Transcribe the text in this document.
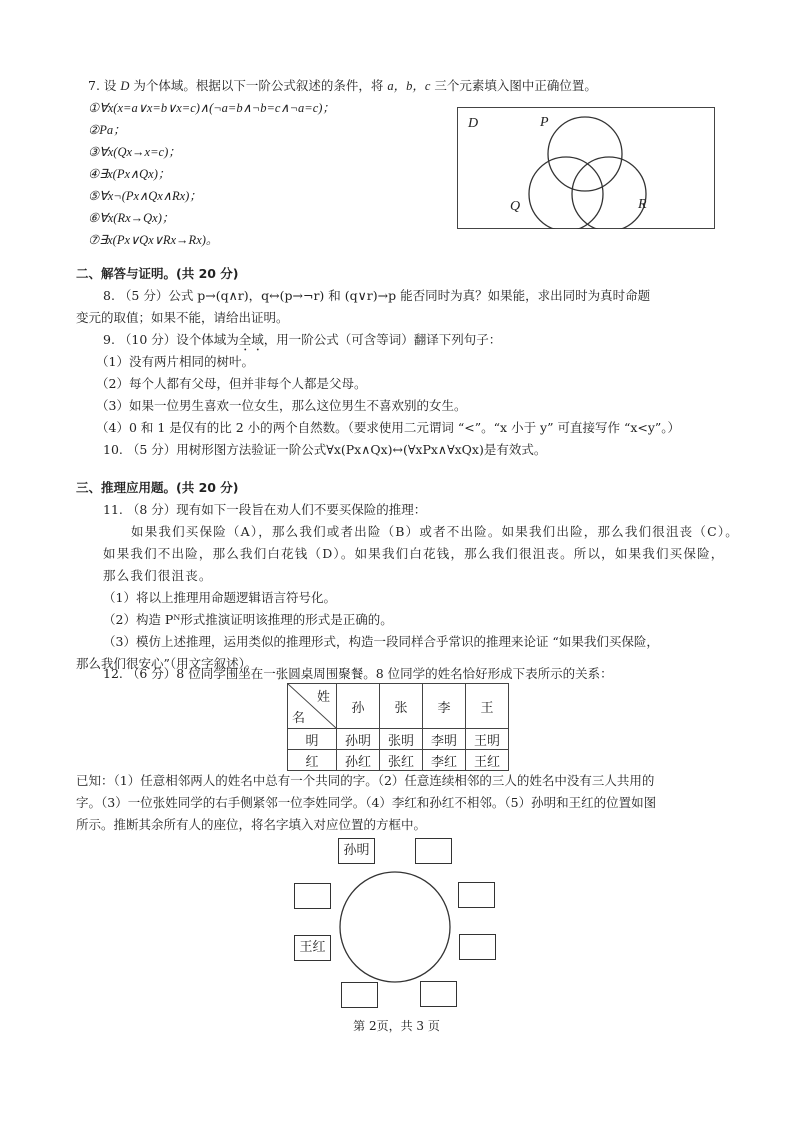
7. 设 D 为个体域。根据以下一阶公式叙述的条件，将 a，b，c 三个元素填入图中正确位置。
①∀x(x=a∨x=b∨x=c)∧(¬a=b∧¬b=c∧¬a=c)；
②Pa；
③∀x(Qx→x=c)；
④∃x(Px∧Qx)；
⑤∀x¬(Px∧Qx∧Rx)；
⑥∀x(Rx→Qx)；
⑦∃x(Px∨Qx∨Rx→Rx)。
D	P
Q	R
二、解答与证明。(共 20 分)
8. （5 分）公式 p→(q∧r)，q↔(p→¬r) 和 (q∨r)→p 能否同时为真？如果能，求出同时为真时命题
变元的取值；如果不能，请给出证明。
9. （10 分）设个体域为全域，用一阶公式（可含等词）翻译下列句子：
（1）没有两片相同的树叶。
（2）每个人都有父母，但并非每个人都是父母。
（3）如果一位男生喜欢一位女生，那么这位男生不喜欢别的女生。
（4）0 和 1 是仅有的比 2 小的两个自然数。（要求使用二元谓词 “<”。“x 小于 y” 可直接写作 “x<y”。）
10. （5 分）用树形图方法验证一阶公式∀x(Px∧Qx)↔(∀xPx∧∀xQx)是有效式。
三、推理应用题。(共 20 分)
11. （8 分）现有如下一段旨在劝人们不要买保险的推理：
如果我们买保险（A），那么我们或者出险（B）或者不出险。如果我们出险，那么我们很沮丧（C）。
如果我们不出险，那么我们白花钱（D）。如果我们白花钱，那么我们很沮丧。所以，如果我们买保险，
那么我们很沮丧。
（1）将以上推理用命题逻辑语言符号化。
（2）构造 Pᴺ形式推演证明该推理的形式是正确的。
（3）模仿上述推理，运用类似的推理形式，构造一段同样合乎常识的推理来论证 “如果我们买保险，
那么我们很安心”（用文字叙述）。
12. （6 分）8 位同学围坐在一张圆桌周围聚餐。8 位同学的姓名恰好形成下表所示的关系：
姓
名	孙	张	李	王
明	孙明	张明	李明	王明
红	孙红	张红	李红	王红
已知：（1）任意相邻两人的姓名中总有一个共同的字。（2）任意连续相邻的三人的姓名中没有三人共用的
字。（3）一位张姓同学的右手侧紧邻一位李姓同学。（4）李红和孙红不相邻。（5）孙明和王红的位置如图
所示。推断其余所有人的座位，将名字填入对应位置的方框中。
孙明
王红
第 2页，共 3 页
